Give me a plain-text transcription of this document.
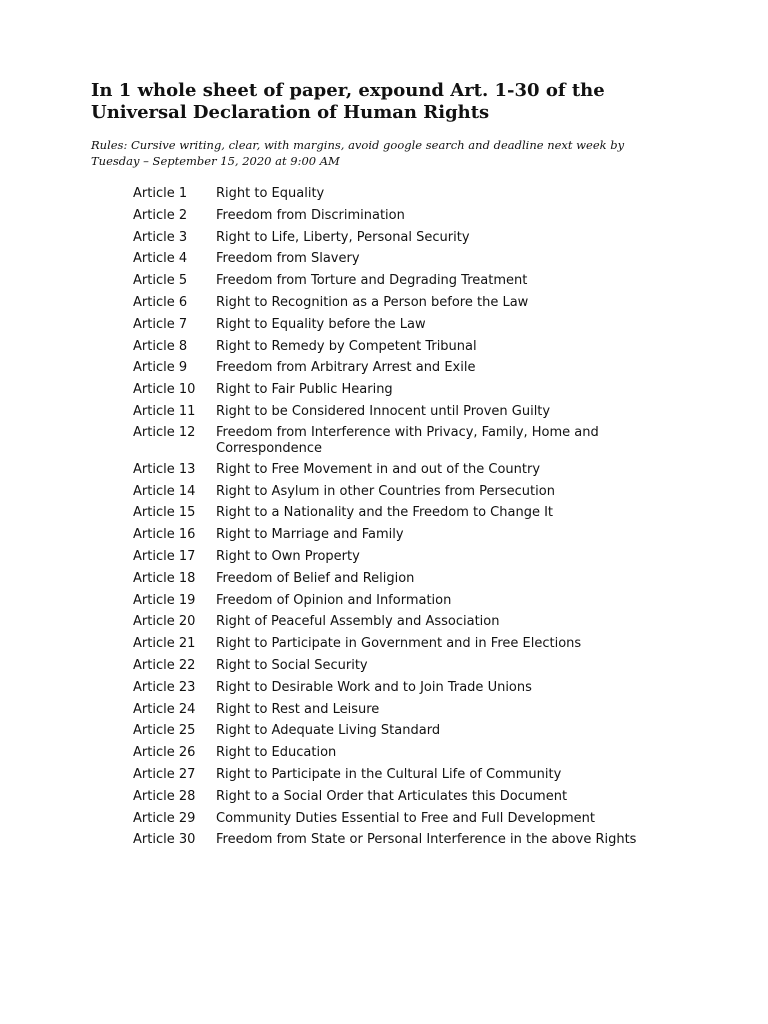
In 1 whole sheet of paper, expound Art. 1-30 of the
Universal Declaration of Human Rights

Rules: Cursive writing, clear, with margins, avoid google search and deadline next week by Tuesday – September 15, 2020 at 9:00 AM

Article 1	Right to Equality
Article 2	Freedom from Discrimination
Article 3	Right to Life, Liberty, Personal Security
Article 4	Freedom from Slavery
Article 5	Freedom from Torture and Degrading Treatment
Article 6	Right to Recognition as a Person before the Law
Article 7	Right to Equality before the Law
Article 8	Right to Remedy by Competent Tribunal
Article 9	Freedom from Arbitrary Arrest and Exile
Article 10	Right to Fair Public Hearing
Article 11	Right to be Considered Innocent until Proven Guilty
Article 12	Freedom from Interference with Privacy, Family, Home and Correspondence
Article 13	Right to Free Movement in and out of the Country
Article 14	Right to Asylum in other Countries from Persecution
Article 15	Right to a Nationality and the Freedom to Change It
Article 16	Right to Marriage and Family
Article 17	Right to Own Property
Article 18	Freedom of Belief and Religion
Article 19	Freedom of Opinion and Information
Article 20	Right of Peaceful Assembly and Association
Article 21	Right to Participate in Government and in Free Elections
Article 22	Right to Social Security
Article 23	Right to Desirable Work and to Join Trade Unions
Article 24	Right to Rest and Leisure
Article 25	Right to Adequate Living Standard
Article 26	Right to Education
Article 27	Right to Participate in the Cultural Life of Community
Article 28	Right to a Social Order that Articulates this Document
Article 29	Community Duties Essential to Free and Full Development
Article 30	Freedom from State or Personal Interference in the above Rights
